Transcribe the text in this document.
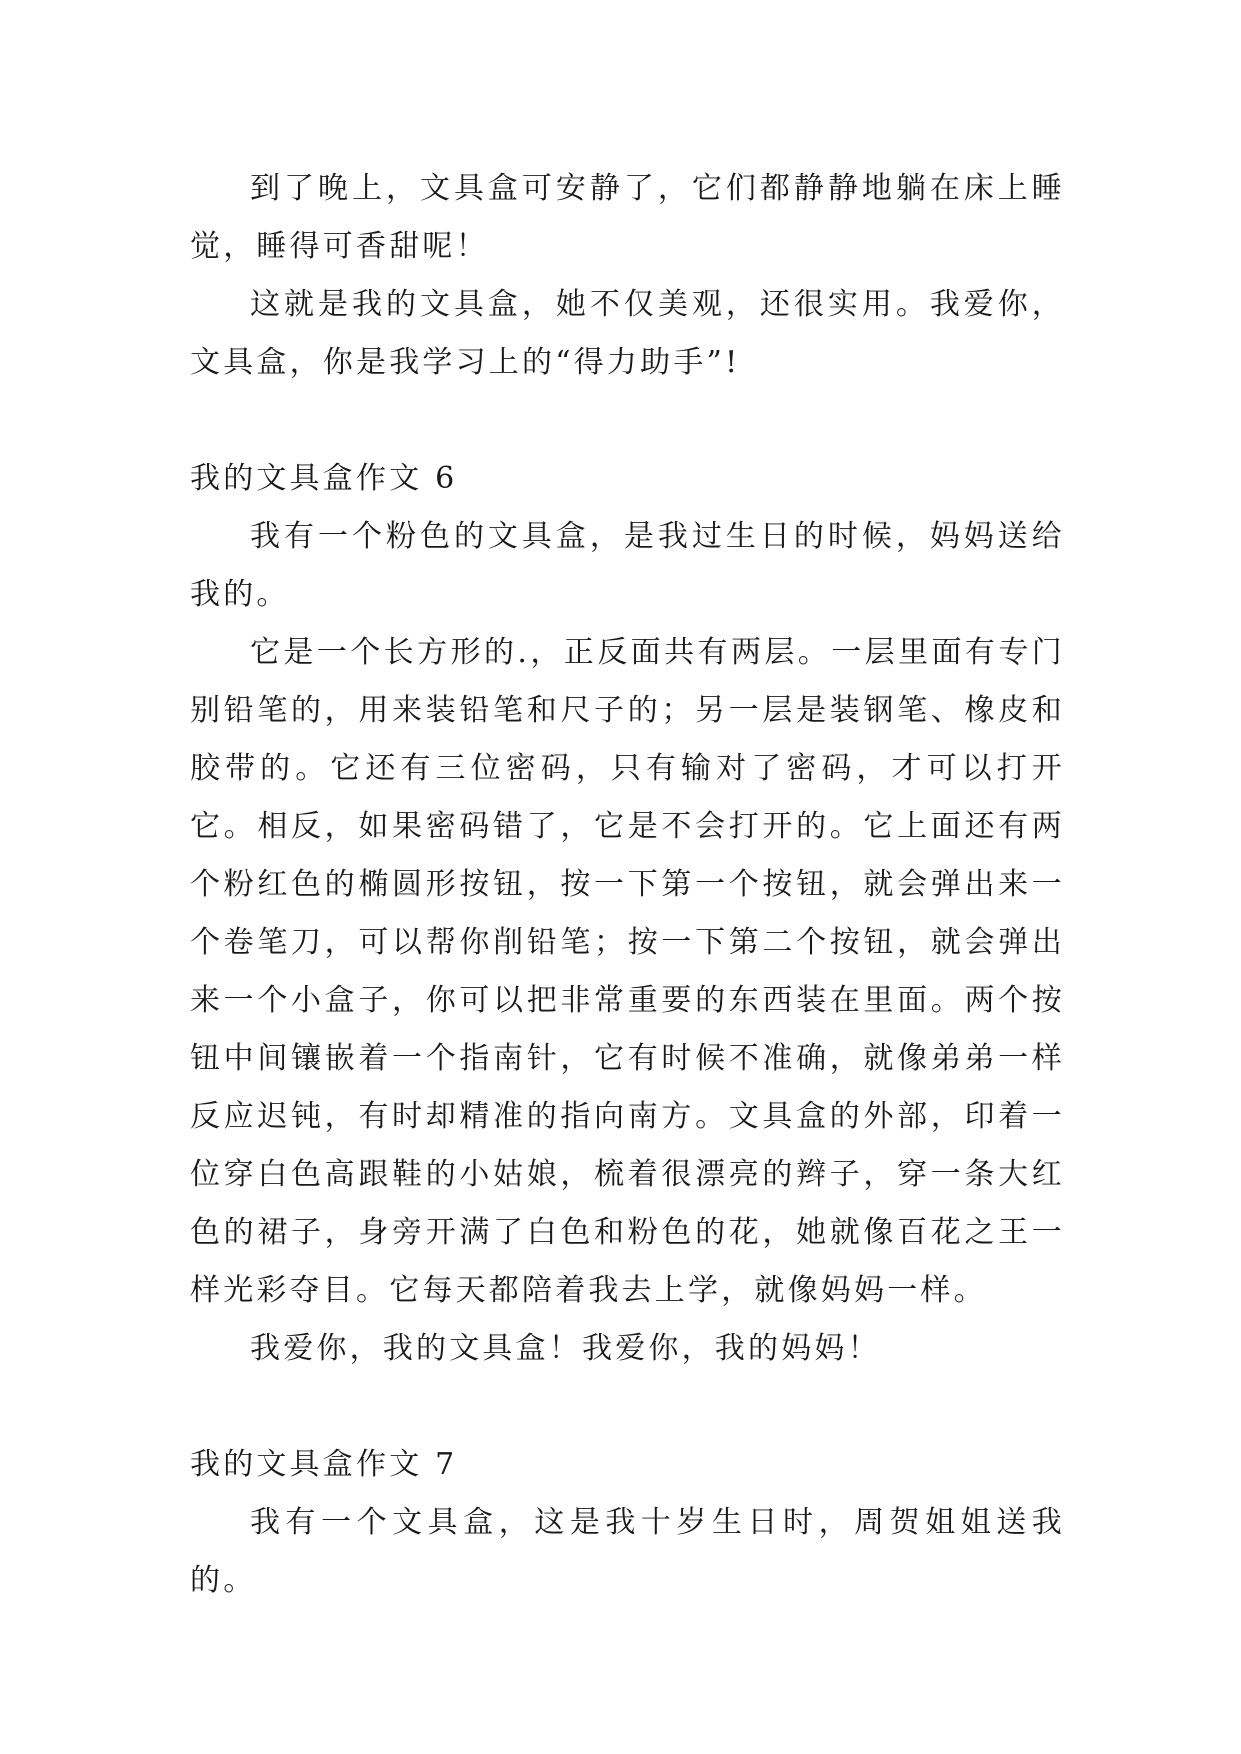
到了晚上，文具盒可安静了，它们都静静地躺在床上睡觉，睡得可香甜呢！

这就是我的文具盒，她不仅美观，还很实用。我爱你，文具盒，你是我学习上的“得力助手”!

我的文具盒作文 6

我有一个粉色的文具盒，是我过生日的时候，妈妈送给我的。

它是一个长方形的.，正反面共有两层。一层里面有专门别铅笔的，用来装铅笔和尺子的；另一层是装钢笔、橡皮和胶带的。它还有三位密码，只有输对了密码，才可以打开它。相反，如果密码错了，它是不会打开的。它上面还有两个粉红色的椭圆形按钮，按一下第一个按钮，就会弹出来一个卷笔刀，可以帮你削铅笔；按一下第二个按钮，就会弹出来一个小盒子，你可以把非常重要的东西装在里面。两个按钮中间镶嵌着一个指南针，它有时候不准确，就像弟弟一样反应迟钝，有时却精准的指向南方。文具盒的外部，印着一位穿白色高跟鞋的小姑娘，梳着很漂亮的辫子，穿一条大红色的裙子，身旁开满了白色和粉色的花，她就像百花之王一样光彩夺目。它每天都陪着我去上学，就像妈妈一样。

我爱你，我的文具盒！我爱你，我的妈妈！

我的文具盒作文 7

我有一个文具盒，这是我十岁生日时，周贺姐姐送我的。
